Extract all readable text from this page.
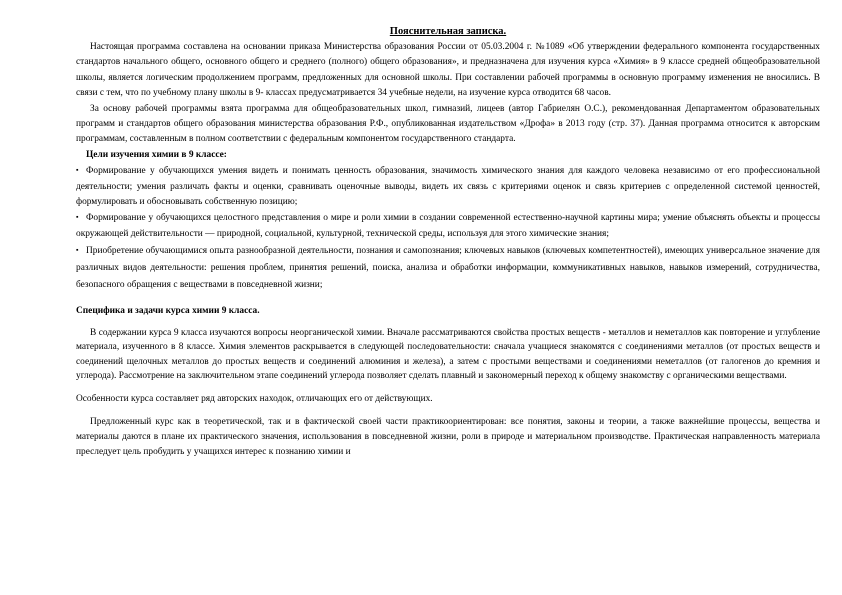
Пояснительная записка.

Настоящая программа составлена на основании приказа Министерства образования России от 05.03.2004 г. №1089 «Об утверждении федерального компонента государственных стандартов начального общего, основного общего и среднего (полного) общего образования», и предназначена для изучения курса «Химия» в 9 классе средней общеобразовательной школы, является логическим продолжением программ, предложенных для основной школы. При составлении рабочей программы в основную программу изменения не вносились. В связи с тем, что по учебному плану школы в 9- классах предусматривается 34 учебные недели, на изучение курса отводится 68 часов.

За основу рабочей программы взята программа для общеобразовательных школ, гимназий, лицеев (автор Габриелян О.С.), рекомендованная Департаментом образовательных программ и стандартов общего образования министерства образования Р.Ф., опубликованная издательством «Дрофа» в 2013 году (стр. 37). Данная программа относится к авторским программам, составленным в полном соответствии с федеральным компонентом государственного стандарта.

Цели изучения химии в 9 классе:
▪ Формирование у обучающихся умения видеть и понимать ценность образования, значимость химического знания для каждого человека независимо от его профессиональной деятельности; умения различать факты и оценки, сравнивать оценочные выводы, видеть их связь с критериями оценок и связь критериев с определенной системой ценностей, формулировать и обосновывать собственную позицию;
▪ Формирование у обучающихся целостного представления о мире и роли химии в создании современной естественно-научной картины мира; умение объяснять объекты и процессы окружающей действительности — природной, социальной, культурной, технической среды, используя для этого химические знания;
▪ Приобретение обучающимися опыта разнообразной деятельности, познания и самопознания; ключевых навыков (ключевых компетентностей), имеющих универсальное значение для различных видов деятельности: решения проблем, принятия решений, поиска, анализа и обработки информации, коммуникативных навыков, навыков измерений, сотрудничества, безопасного обращения с веществами в повседневной жизни;
Специфика и задачи курса химии 9 класса.

В содержании курса 9 класса изучаются вопросы неорганической химии. Вначале рассматриваются свойства простых веществ - металлов и неметаллов как повторение и углубление материала, изученного в 8 классе. Химия элементов раскрывается в следующей последовательности: сначала учащиеся знакомятся с соединениями металлов (от простых веществ и соединений щелочных металлов до простых веществ и соединений алюминия и железа), а затем с простыми веществами и соединениями неметаллов (от галогенов до кремния и углерода). Рассмотрение на заключительном этапе соединений углерода позволяет сделать плавный и закономерный переход к общему знакомству с органическими веществами.

Особенности курса составляет ряд авторских находок, отличающих его от действующих.

Предложенный курс как в теоретической, так и в фактической своей части практикоориентирован: все понятия, законы и теории, а также важнейшие процессы, вещества и материалы даются в плане их практического значения, использования в повседневной жизни, роли в природе и материальном производстве. Практическая направленность материала преследует цель пробудить у учащихся интерес к познанию химии и
